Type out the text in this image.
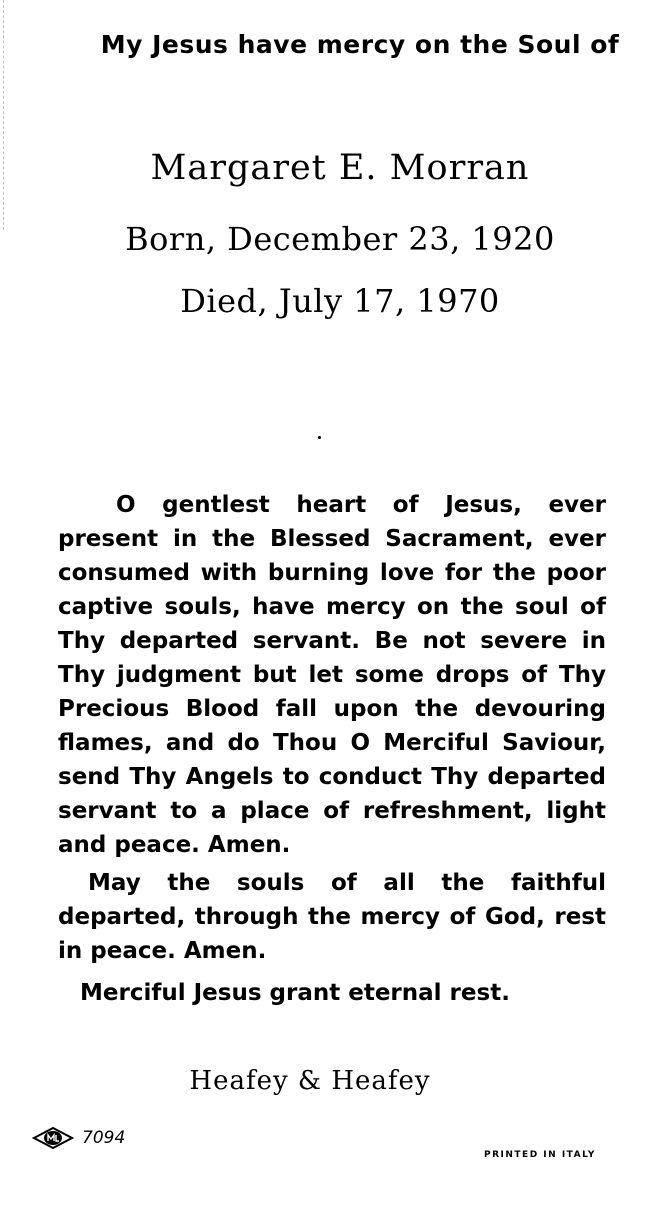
My Jesus have mercy on the Soul of
Margaret E. Morran
Born, December 23, 1920
Died, July 17, 1970

O gentlest heart of Jesus, ever present in the Blessed Sacrament, ever consumed with burning love for the poor captive souls, have mercy on the soul of Thy departed servant. Be not severe in Thy judgment but let some drops of Thy Precious Blood fall upon the devouring flames, and do Thou O Merciful Saviour, send Thy Angels to conduct Thy departed servant to a place of refreshment, light and peace. Amen.

May the souls of all the faithful departed, through the mercy of God, rest in peace. Amen.

Merciful Jesus grant eternal rest.

Heafey & Heafey
7094
PRINTED IN ITALY
